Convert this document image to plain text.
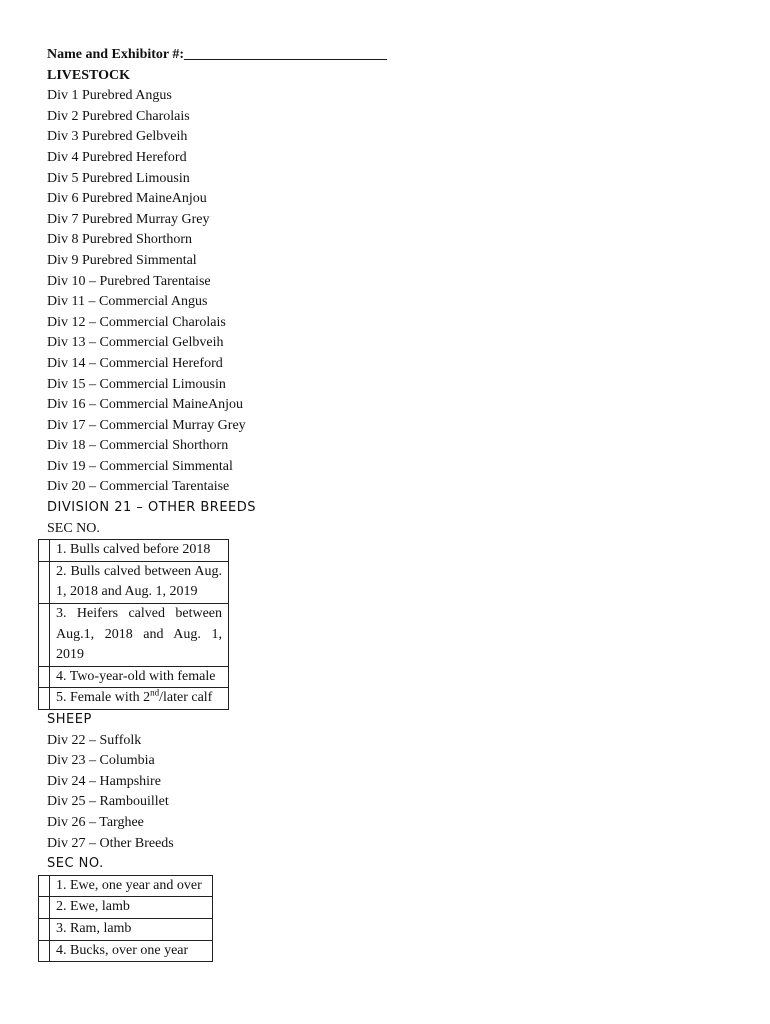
Name and Exhibitor #:_____________________________
LIVESTOCK
Div 1 Purebred Angus
Div 2 Purebred Charolais
Div 3 Purebred Gelbveih
Div 4 Purebred Hereford
Div 5 Purebred Limousin
Div 6 Purebred MaineAnjou
Div 7 Purebred Murray Grey
Div 8 Purebred Shorthorn
Div 9 Purebred Simmental
Div 10 – Purebred Tarentaise
Div 11 – Commercial Angus
Div 12 – Commercial Charolais
Div 13 – Commercial Gelbveih
Div 14 – Commercial Hereford
Div 15 – Commercial Limousin
Div 16 – Commercial MaineAnjou
Div 17 – Commercial Murray Grey
Div 18 – Commercial Shorthorn
Div 19 – Commercial Simmental
Div 20 – Commercial Tarentaise
DIVISION 21 – OTHER BREEDS
SEC NO.
	1. Bulls calved before 2018
	2. Bulls calved between Aug. 1, 2018 and Aug. 1, 2019
	3. Heifers calved between Aug.1, 2018 and Aug. 1, 2019
	4. Two-year-old with female
	5. Female with 2nd/later calf
SHEEP
Div 22 – Suffolk
Div 23 – Columbia
Div 24 – Hampshire
Div 25 – Rambouillet
Div 26 – Targhee
Div 27 – Other Breeds
SEC NO.
	1. Ewe, one year and over
	2. Ewe, lamb
	3. Ram, lamb
	4. Bucks, over one year
